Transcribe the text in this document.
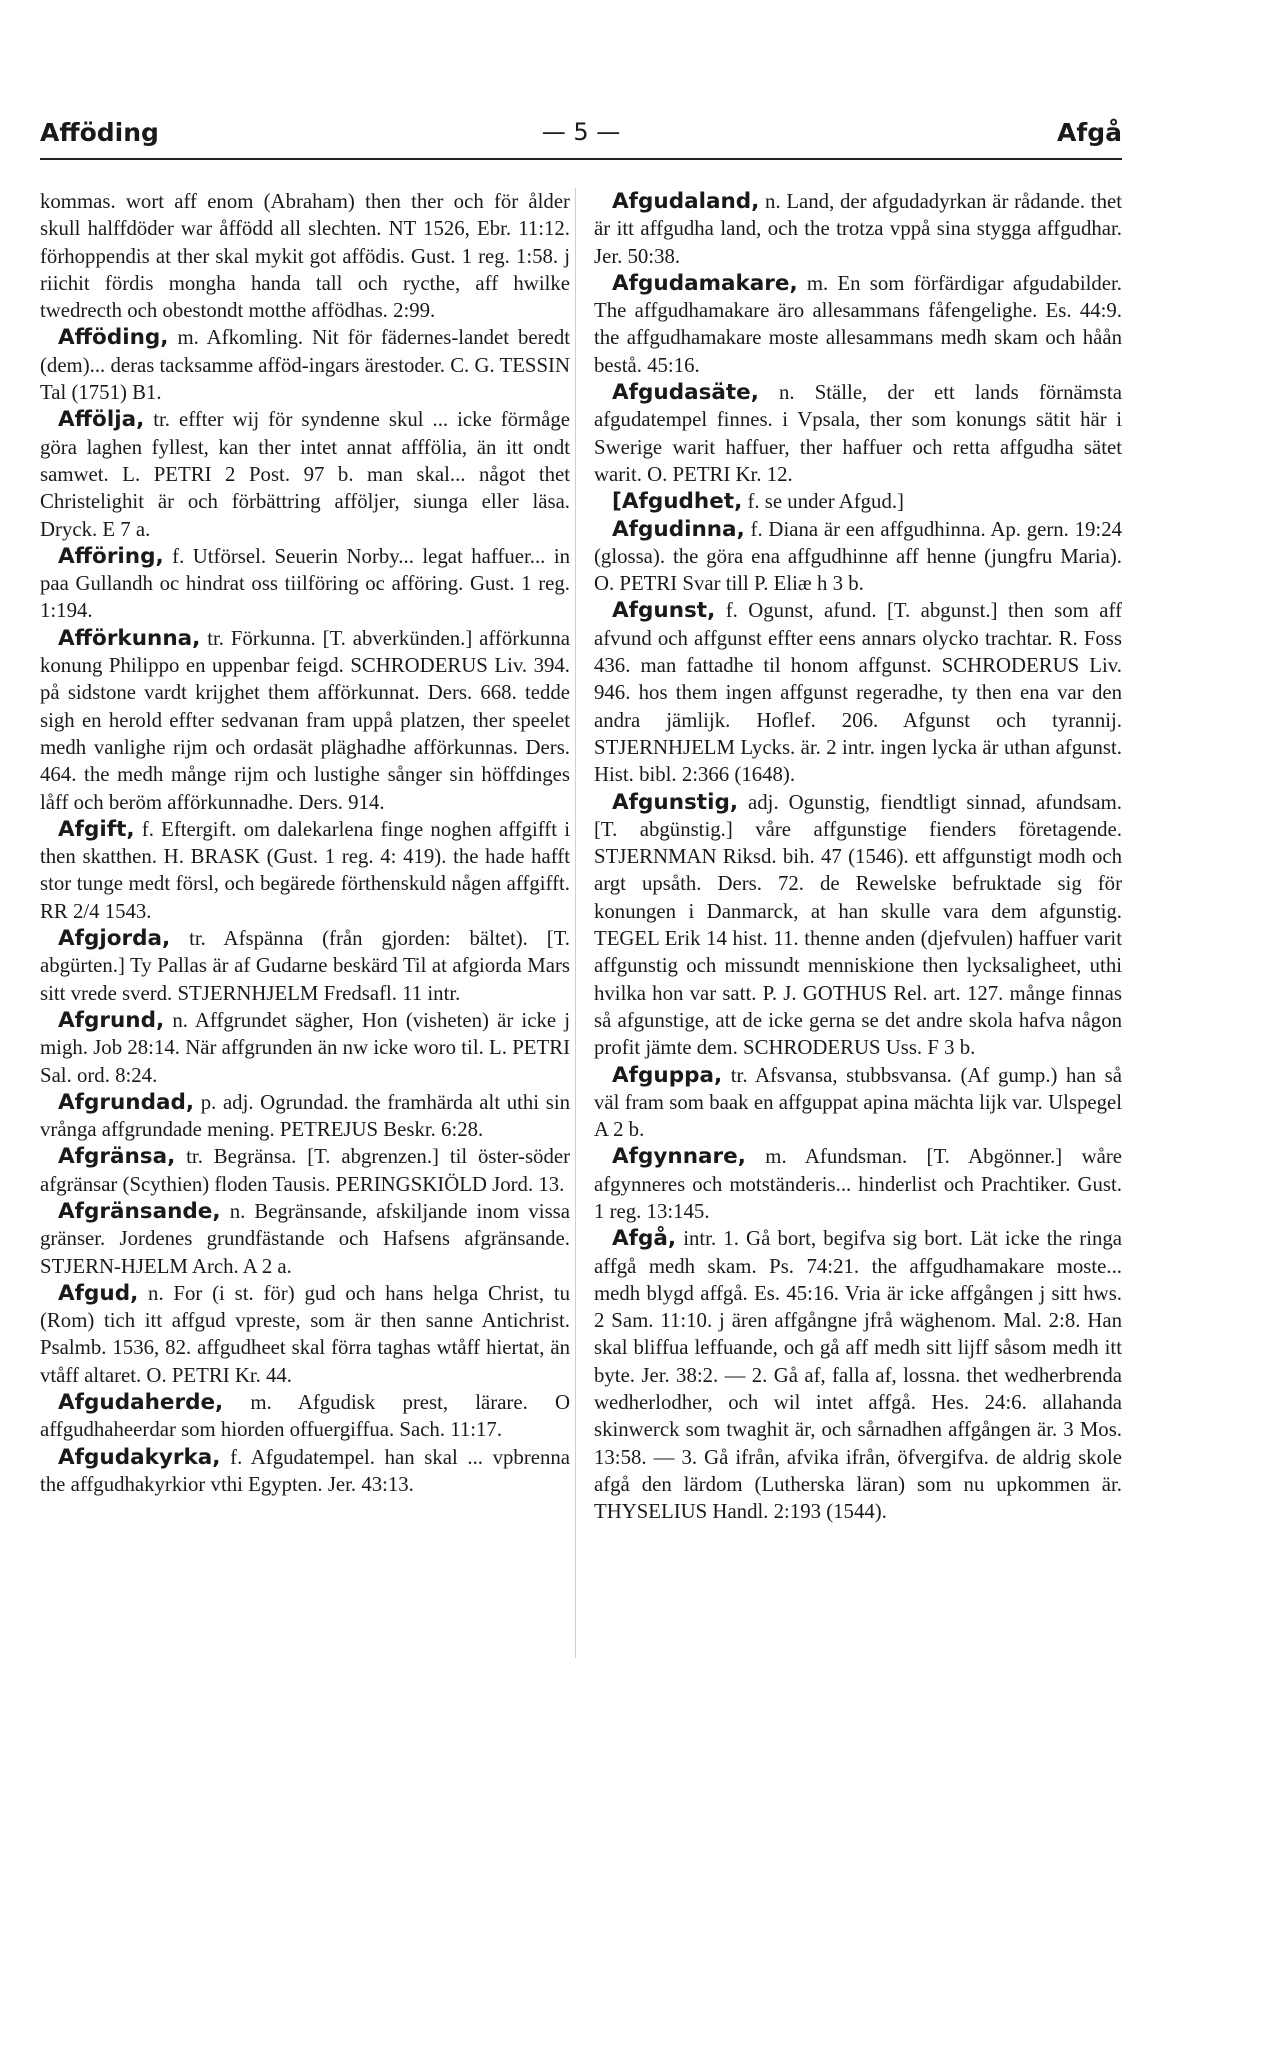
Afföding	— 5 —	Afgå

kommas. wort aff enom (Abraham) then ther och för ålder skull halffdöder war åffödd all slechten. NT 1526, Ebr. 11:12. förhoppendis at ther skal mykit got affödis. Gust. 1 reg. 1:58. j riichit fördis mongha handa tall och rycthe, aff hwilke twedrecth och obestondt motthe affödhas. 2:99.

Afföding, m. Afkomling. Nit för fädernes-landet beredt (dem)... deras tacksamme afföd-ingars ärestoder. C. G. TESSIN Tal (1751) B1.

Afföljа, tr. effter wij för syndenne skul ... icke förmåge göra laghen fyllest, kan ther intet annat afffölia, än itt ondt samwet. L. PETRI 2 Post. 97 b. man skal... något thet Christelighit är och förbättring afföljer, siunga eller läsa. Dryck. E 7 a.

Afföring, f. Utförsel. Seuerin Norby... legat haffuer... in paa Gullandh oc hindrat oss tiilföring oc afföring. Gust. 1 reg. 1:194.

Afförkunna, tr. Förkunna. [T. abverkünden.] afförkunna konung Philippo en uppenbar feigd. SCHRODERUS Liv. 394. på sidstone vardt krijghet them afförkunnat. Ders. 668. tedde sigh en herold effter sedvanan fram uppå platzen, ther speelet medh vanlighe rijm och ordasät pläghadhe afförkunnas. Ders. 464. the medh månge rijm och lustighe sånger sin höffdinges låff och beröm afförkunnadhe. Ders. 914.

Afgift, f. Eftergift. om dalekarlena finge noghen affgifft i then skatthen. H. BRASK (Gust. 1 reg. 4: 419). the hade hafft stor tunge medt försl, och begärede förthenskuld någen affgifft. RR 2/4 1543.

Afgjorda, tr. Afspänna (från gjorden: bältet). [T. abgürten.] Ty Pallas är af Gudarne beskärd Til at afgiorda Mars sitt vrede sverd. STJERNHJELM Fredsafl. 11 intr.

Afgrund, n. Affgrundet sägher, Hon (visheten) är icke j migh. Job 28:14. När affgrunden än nw icke woro til. L. PETRI Sal. ord. 8:24.

Afgrundad, p. adj. Ogrundad. the framhärda alt uthi sin vrånga affgrundade mening. PETREJUS Beskr. 6:28.

Afgränsa, tr. Begränsa. [T. abgrenzen.] til öster-söder afgränsar (Scythien) floden Tausis. PERINGSKIÖLD Jord. 13.

Afgränsande, n. Begränsande, afskiljande inom vissa gränser. Jordenes grundfästande och Hafsens afgränsande. STJERN-HJELM Arch. A 2 a.

Afgud, n. For (i st. för) gud och hans helga Christ, tu (Rom) tich itt affgud vpreste, som är then sanne Antichrist. Psalmb. 1536, 82. affgudheet skal förra taghas wtåff hiertat, än vtåff altaret. O. PETRI Kr. 44.

Afgudaherde, m. Afgudisk prest, lärare. O affgudhaheerdar som hiorden offuergiffua. Sach. 11:17.

Afgudakyrka, f. Afgudatempel. han skal ... vpbrenna the affgudhakyrkior vthi Egypten. Jer. 43:13.

Afgudaland, n. Land, der afgudadyrkan är rådande. thet är itt affgudha land, och the trotza vppå sina stygga affgudhar. Jer. 50:38.

Afgudamakare, m. En som förfärdigar afgudabilder. The affgudhamakare äro allesammans fåfengelighe. Es. 44:9. the affgudhamakare moste allesammans medh skam och håån bestå. 45:16.

Afgudasäte, n. Ställe, der ett lands förnämsta afgudatempel finnes. i Vpsala, ther som konungs sätit här i Swerige warit haffuer, ther haffuer och retta affgudha sätet warit. O. PETRI Kr. 12.

[Afgudhet, f. se under Afgud.]

Afgudinna, f. Diana är een affgudhinna. Ap. gern. 19:24 (glossa). the göra ena affgudhinne aff henne (jungfru Maria). O. PETRI Svar till P. Eliæ h 3 b.

Afgunst, f. Ogunst, afund. [T. abgunst.] then som aff afvund och affgunst effter eens annars olycko trachtar. R. Foss 436. man fattadhe til honom affgunst. SCHRODERUS Liv. 946. hos them ingen affgunst regeradhe, ty then ena var den andra jämlijk. Hoflef. 206. Afgunst och tyrannij. STJERNHJELM Lycks. är. 2 intr. ingen lycka är uthan afgunst. Hist. bibl. 2:366 (1648).

Afgunstig, adj. Ogunstig, fiendtligt sinnad, afundsam. [T. abgünstig.] våre affgunstige fienders företagende. STJERNMAN Riksd. bih. 47 (1546). ett affgunstigt modh och argt upsåth. Ders. 72. de Rewelske befruktade sig för konungen i Danmarck, at han skulle vara dem afgunstig. TEGEL Erik 14 hist. 11. thenne anden (djefvulen) haffuer varit affgunstig och missundt menniskione then lycksaligheet, uthi hvilka hon var satt. P. J. GOTHUS Rel. art. 127. månge finnas så afgunstige, att de icke gerna se det andre skola hafva någon profit jämte dem. SCHRODERUS Uss. F 3 b.

Afguppa, tr. Afsvansa, stubbsvansa. (Af gump.) han så väl fram som baak en affguppat apina mächta lijk var. Ulspegel A 2 b.

Afgynnare, m. Afundsman. [T. Abgönner.] wåre afgynneres och motständeris... hinderlist och Prachtiker. Gust. 1 reg. 13:145.

Afgå, intr. 1. Gå bort, begifva sig bort. Lät icke the ringa affgå medh skam. Ps. 74:21. the affgudhamakare moste... medh blygd affgå. Es. 45:16. Vria är icke affgången j sitt hws. 2 Sam. 11:10. j ären affgångne jfrå wäghenom. Mal. 2:8. Han skal bliffua leffuande, och gå aff medh sitt lijff såsom medh itt byte. Jer. 38:2. — 2. Gå af, falla af, lossna. thet wedherbrenda wedherlodher, och wil intet affgå. Hes. 24:6. allahanda skinwerck som twaghit är, och sårnadhen affgången är. 3 Mos. 13:58. — 3. Gå ifrån, afvika ifrån, öfvergifva. de aldrig skole afgå den lärdom (Lutherska läran) som nu upkommen är. THYSELIUS Handl. 2:193 (1544).
